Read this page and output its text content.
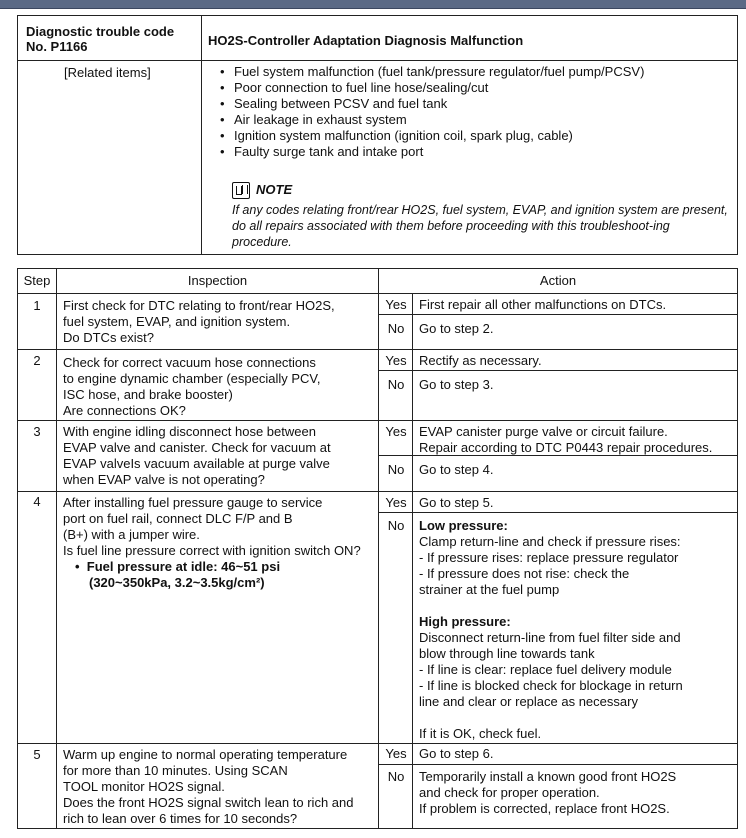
Diagnostic trouble code
No. P1166	HO2S-Controller Adaptation Diagnosis Malfunction
[Related items]
•	Fuel system malfunction (fuel tank/pressure regulator/fuel pump/PCSV)
• Poor connection to fuel line hose/sealing/cut
• Sealing between PCSV and fuel tank
• Air leakage in exhaust system
• Ignition system malfunction (ignition coil, spark plug, cable)
• Faulty surge tank and intake port
NOTE
If any codes relating front/rear HO2S, fuel system, EVAP, and ignition system are present, do all repairs associated with them before proceeding with this troubleshoot-ing procedure.
Step	Inspection	Action
1	First check for DTC relating to front/rear HO2S,
fuel system, EVAP, and ignition system.
Do DTCs exist?
Yes First repair all other malfunctions on DTCs.
No	Go to step 2.
2	Check for correct vacuum hose connections
to engine dynamic chamber (especially PCV,
ISC hose, and brake booster)
Are connections OK?
Yes Rectify as necessary.
No	Go to step 3.
3	With engine idling disconnect hose between
EVAP valve and canister. Check for vacuum at
EVAP valveIs vacuum available at purge valve
when EVAP valve is not operating?
Yes EVAP canister purge valve or circuit failure.
Repair according to DTC P0443 repair procedures.
No	Go to step 4.
4	After installing fuel pressure gauge to service
port on fuel rail, connect DLC F/P and B
(B+) with a jumper wire.
Is fuel line pressure correct with ignition switch ON?
•  Fuel pressure at idle: 46~51 psi
(320~350kPa, 3.2~3.5kg/cm²)
Yes Go to step 5.
No	Low pressure:
Clamp return-line and check if pressure rises:
- If pressure rises: replace pressure regulator
- If pressure does not rise: check the
strainer at the fuel pump
High pressure:
Disconnect return-line from fuel filter side and
blow through line towards tank
- If line is clear: replace fuel delivery module
- If line is blocked check for blockage in return
line and clear or replace as necessary
If it is OK, check fuel.
5	Warm up engine to normal operating temperature
for more than 10 minutes. Using SCAN
TOOL monitor HO2S signal.
Does the front HO2S signal switch lean to rich and
rich to lean over 6 times for 10 seconds?
Yes Go to step 6.
No	Temporarily install a known good front HO2S
and check for proper operation.
If problem is corrected, replace front HO2S.
